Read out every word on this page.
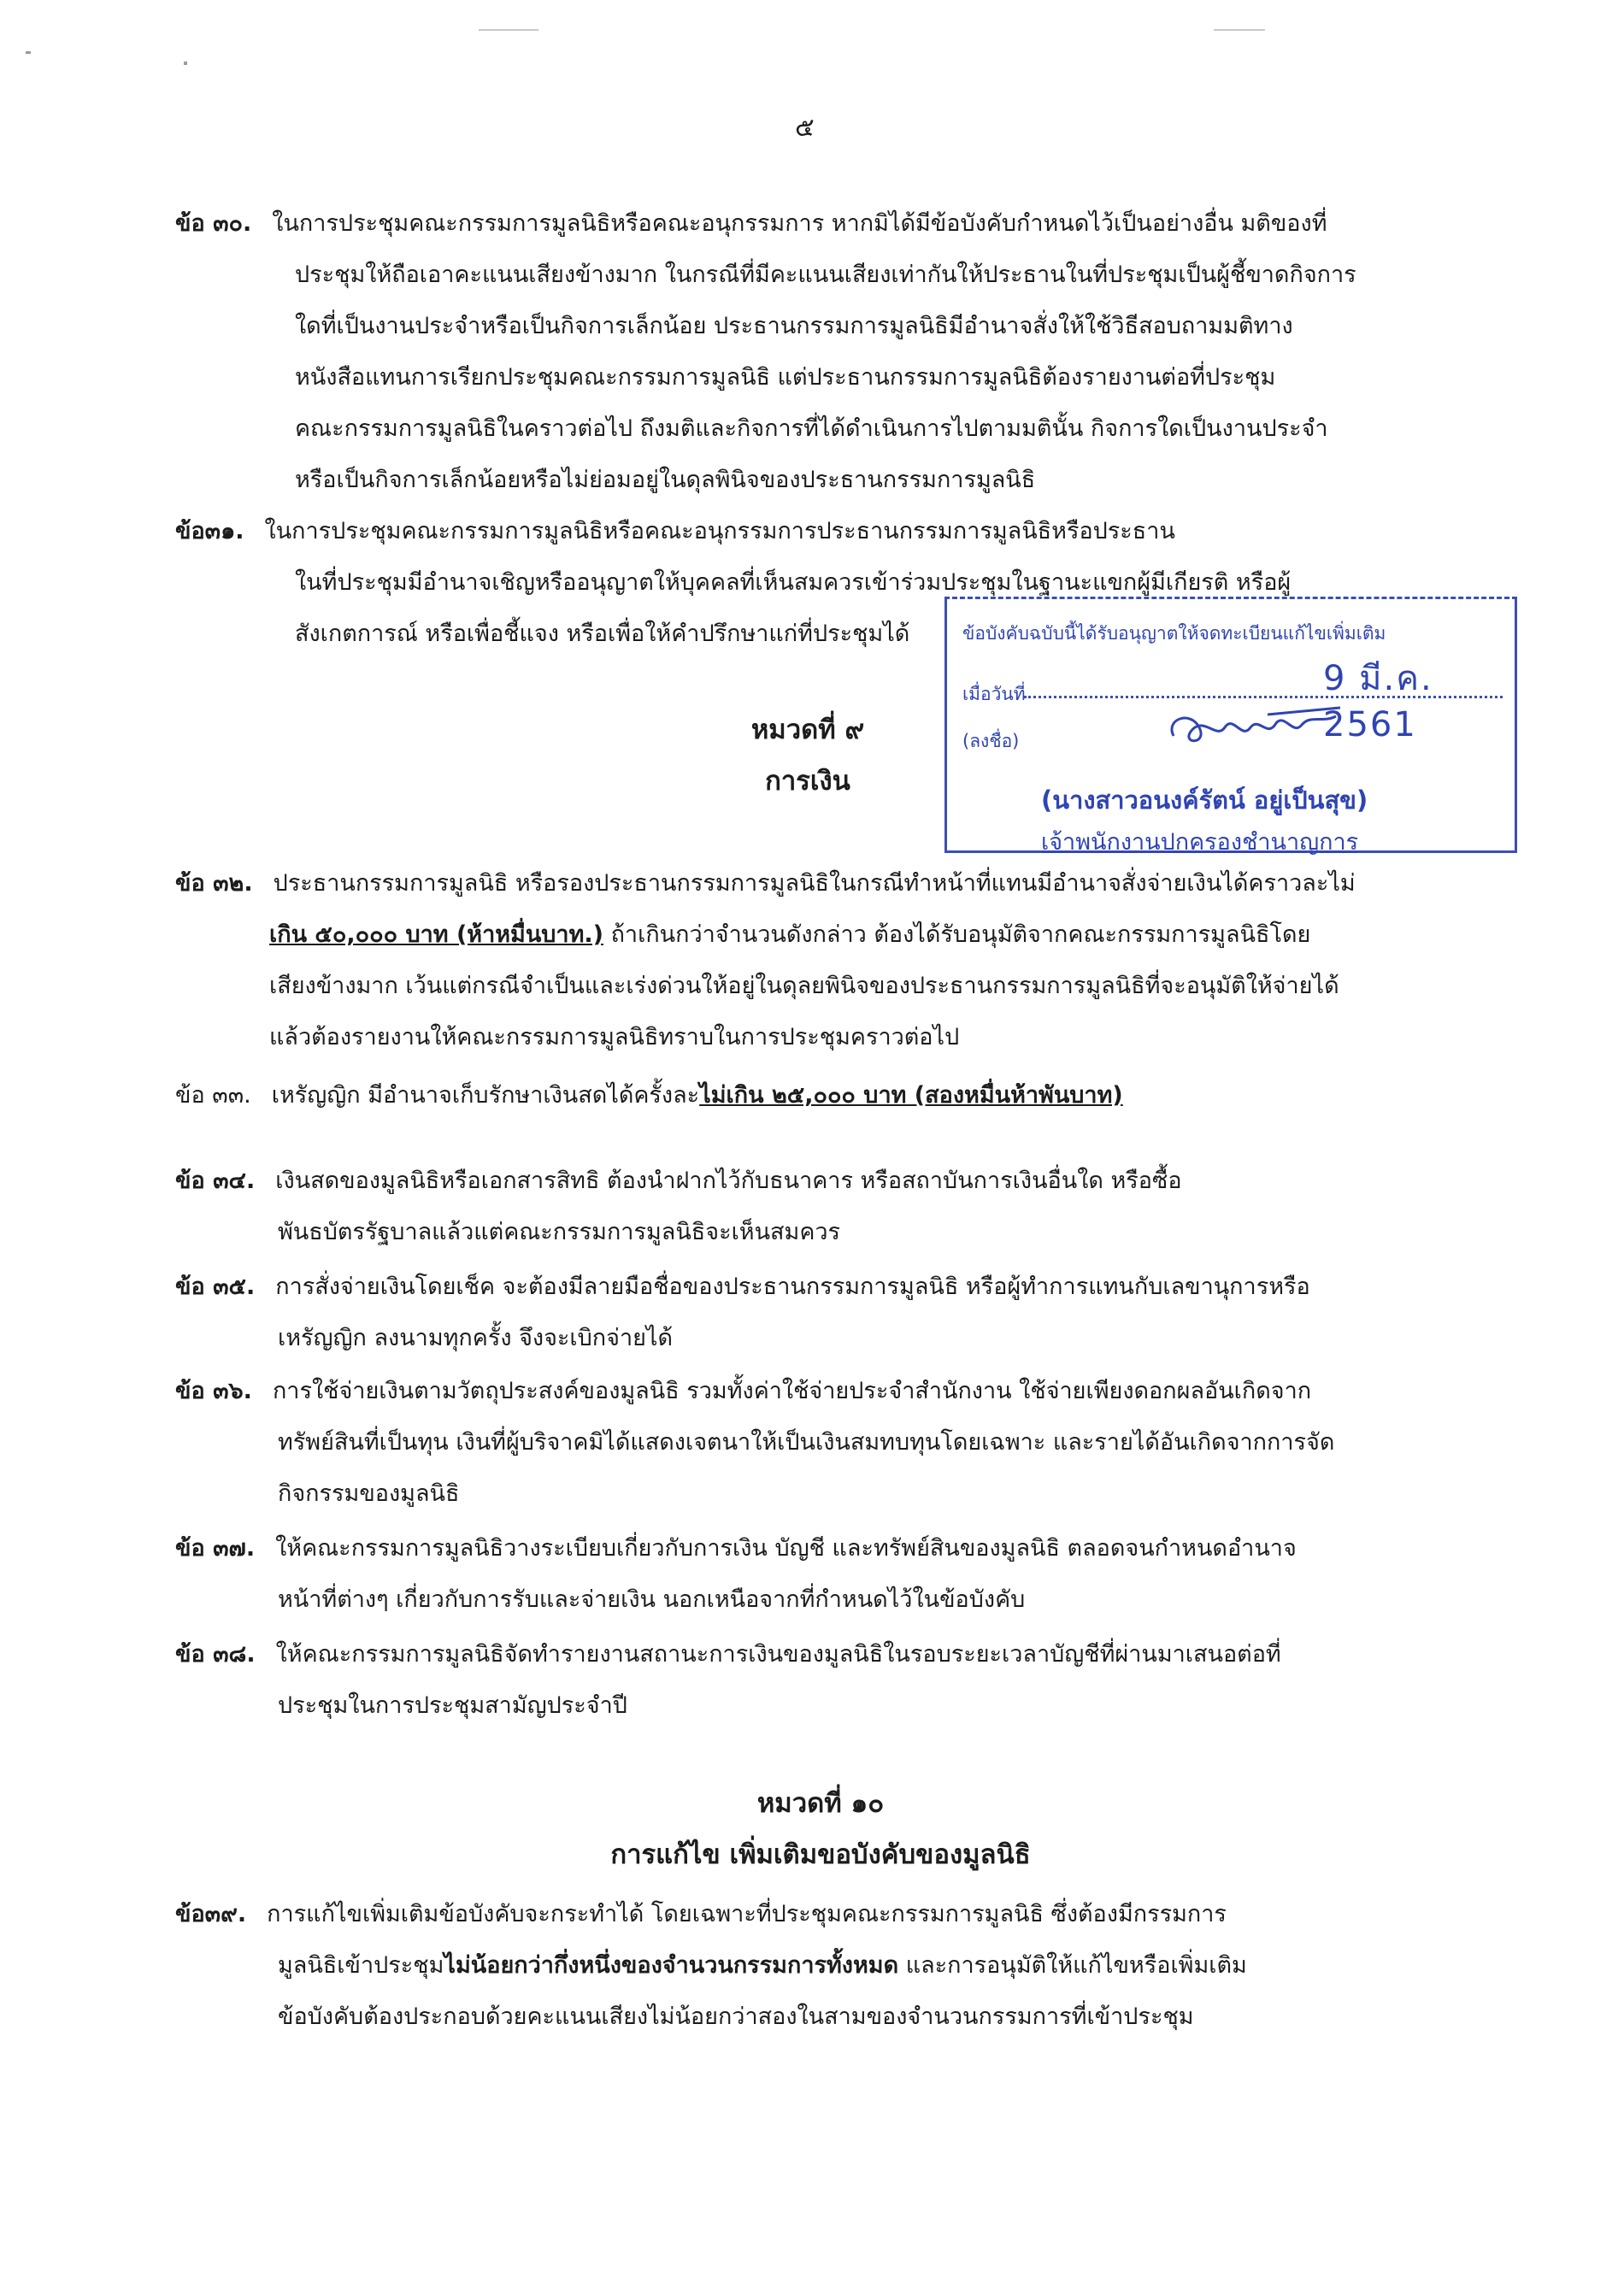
๕
ข้อ ๓๐. ในการประชุมคณะกรรมการมูลนิธิหรือคณะอนุกรรมการ หากมิได้มีข้อบังคับกำหนดไว้เป็นอย่างอื่น มติของที่
ประชุมให้ถือเอาคะแนนเสียงข้างมาก ในกรณีที่มีคะแนนเสียงเท่ากันให้ประธานในที่ประชุมเป็นผู้ชี้ขาดกิจการ
ใดที่เป็นงานประจำหรือเป็นกิจการเล็กน้อย ประธานกรรมการมูลนิธิมีอำนาจสั่งให้ใช้วิธีสอบถามมติทาง
หนังสือแทนการเรียกประชุมคณะกรรมการมูลนิธิ แต่ประธานกรรมการมูลนิธิต้องรายงานต่อที่ประชุม
คณะกรรมการมูลนิธิในคราวต่อไป ถึงมติและกิจการที่ได้ดำเนินการไปตามมตินั้น กิจการใดเป็นงานประจำ
หรือเป็นกิจการเล็กน้อยหรือไม่ย่อมอยู่ในดุลพินิจของประธานกรรมการมูลนิธิ
ข้อ๓๑. ในการประชุมคณะกรรมการมูลนิธิหรือคณะอนุกรรมการประธานกรรมการมูลนิธิหรือประธาน
ในที่ประชุมมีอำนาจเชิญหรืออนุญาตให้บุคคลที่เห็นสมควรเข้าร่วมประชุมในฐานะแขกผู้มีเกียรติ หรือผู้
สังเกตการณ์ หรือเพื่อชี้แจง หรือเพื่อให้คำปรึกษาแก่ที่ประชุมได้
หมวดที่ ๙
การเงิน
ข้อบังคับฉบับนี้ได้รับอนุญาตให้จดทะเบียนแก้ไขเพิ่มเติม
9 มี.ค. 2561
เมื่อวันที่
(ลงชื่อ)
(นางสาวอนงค์รัตน์ อยู่เป็นสุข)
เจ้าพนักงานปกครองชำนาญการ
ข้อ ๓๒. ประธานกรรมการมูลนิธิ หรือรองประธานกรรมการมูลนิธิในกรณีทำหน้าที่แทนมีอำนาจสั่งจ่ายเงินได้คราวละไม่
เกิน ๕๐,๐๐๐ บาท (ห้าหมื่นบาท.) ถ้าเกินกว่าจำนวนดังกล่าว ต้องได้รับอนุมัติจากคณะกรรมการมูลนิธิโดย
เสียงข้างมาก เว้นแต่กรณีจำเป็นและเร่งด่วนให้อยู่ในดุลยพินิจของประธานกรรมการมูลนิธิที่จะอนุมัติให้จ่ายได้
แล้วต้องรายงานให้คณะกรรมการมูลนิธิทราบในการประชุมคราวต่อไป
ข้อ ๓๓. เหรัญญิก มีอำนาจเก็บรักษาเงินสดได้ครั้งละไม่เกิน ๒๕,๐๐๐ บาท (สองหมื่นห้าพันบาท)
ข้อ ๓๔. เงินสดของมูลนิธิหรือเอกสารสิทธิ ต้องนำฝากไว้กับธนาคาร หรือสถาบันการเงินอื่นใด หรือซื้อ
พันธบัตรรัฐบาลแล้วแต่คณะกรรมการมูลนิธิจะเห็นสมควร
ข้อ ๓๕. การสั่งจ่ายเงินโดยเช็ค จะต้องมีลายมือชื่อของประธานกรรมการมูลนิธิ หรือผู้ทำการแทนกับเลขานุการหรือ
เหรัญญิก ลงนามทุกครั้ง จึงจะเบิกจ่ายได้
ข้อ ๓๖. การใช้จ่ายเงินตามวัตถุประสงค์ของมูลนิธิ รวมทั้งค่าใช้จ่ายประจำสำนักงาน ใช้จ่ายเพียงดอกผลอันเกิดจาก
ทรัพย์สินที่เป็นทุน เงินที่ผู้บริจาคมิได้แสดงเจตนาให้เป็นเงินสมทบทุนโดยเฉพาะ และรายได้อันเกิดจากการจัด
กิจกรรมของมูลนิธิ
ข้อ ๓๗. ให้คณะกรรมการมูลนิธิวางระเบียบเกี่ยวกับการเงิน บัญชี และทรัพย์สินของมูลนิธิ ตลอดจนกำหนดอำนาจ
หน้าที่ต่างๆ เกี่ยวกับการรับและจ่ายเงิน นอกเหนือจากที่กำหนดไว้ในข้อบังคับ
ข้อ ๓๘. ให้คณะกรรมการมูลนิธิจัดทำรายงานสถานะการเงินของมูลนิธิในรอบระยะเวลาบัญชีที่ผ่านมาเสนอต่อที่
ประชุมในการประชุมสามัญประจำปี
หมวดที่ ๑๐
การแก้ไข เพิ่มเติมขอบังคับของมูลนิธิ
ข้อ๓๙. การแก้ไขเพิ่มเติมข้อบังคับจะกระทำได้ โดยเฉพาะที่ประชุมคณะกรรมการมูลนิธิ ซึ่งต้องมีกรรมการ
มูลนิธิเข้าประชุมไม่น้อยกว่ากึ่งหนึ่งของจำนวนกรรมการทั้งหมด และการอนุมัติให้แก้ไขหรือเพิ่มเติม
ข้อบังคับต้องประกอบด้วยคะแนนเสียงไม่น้อยกว่าสองในสามของจำนวนกรรมการที่เข้าประชุม
